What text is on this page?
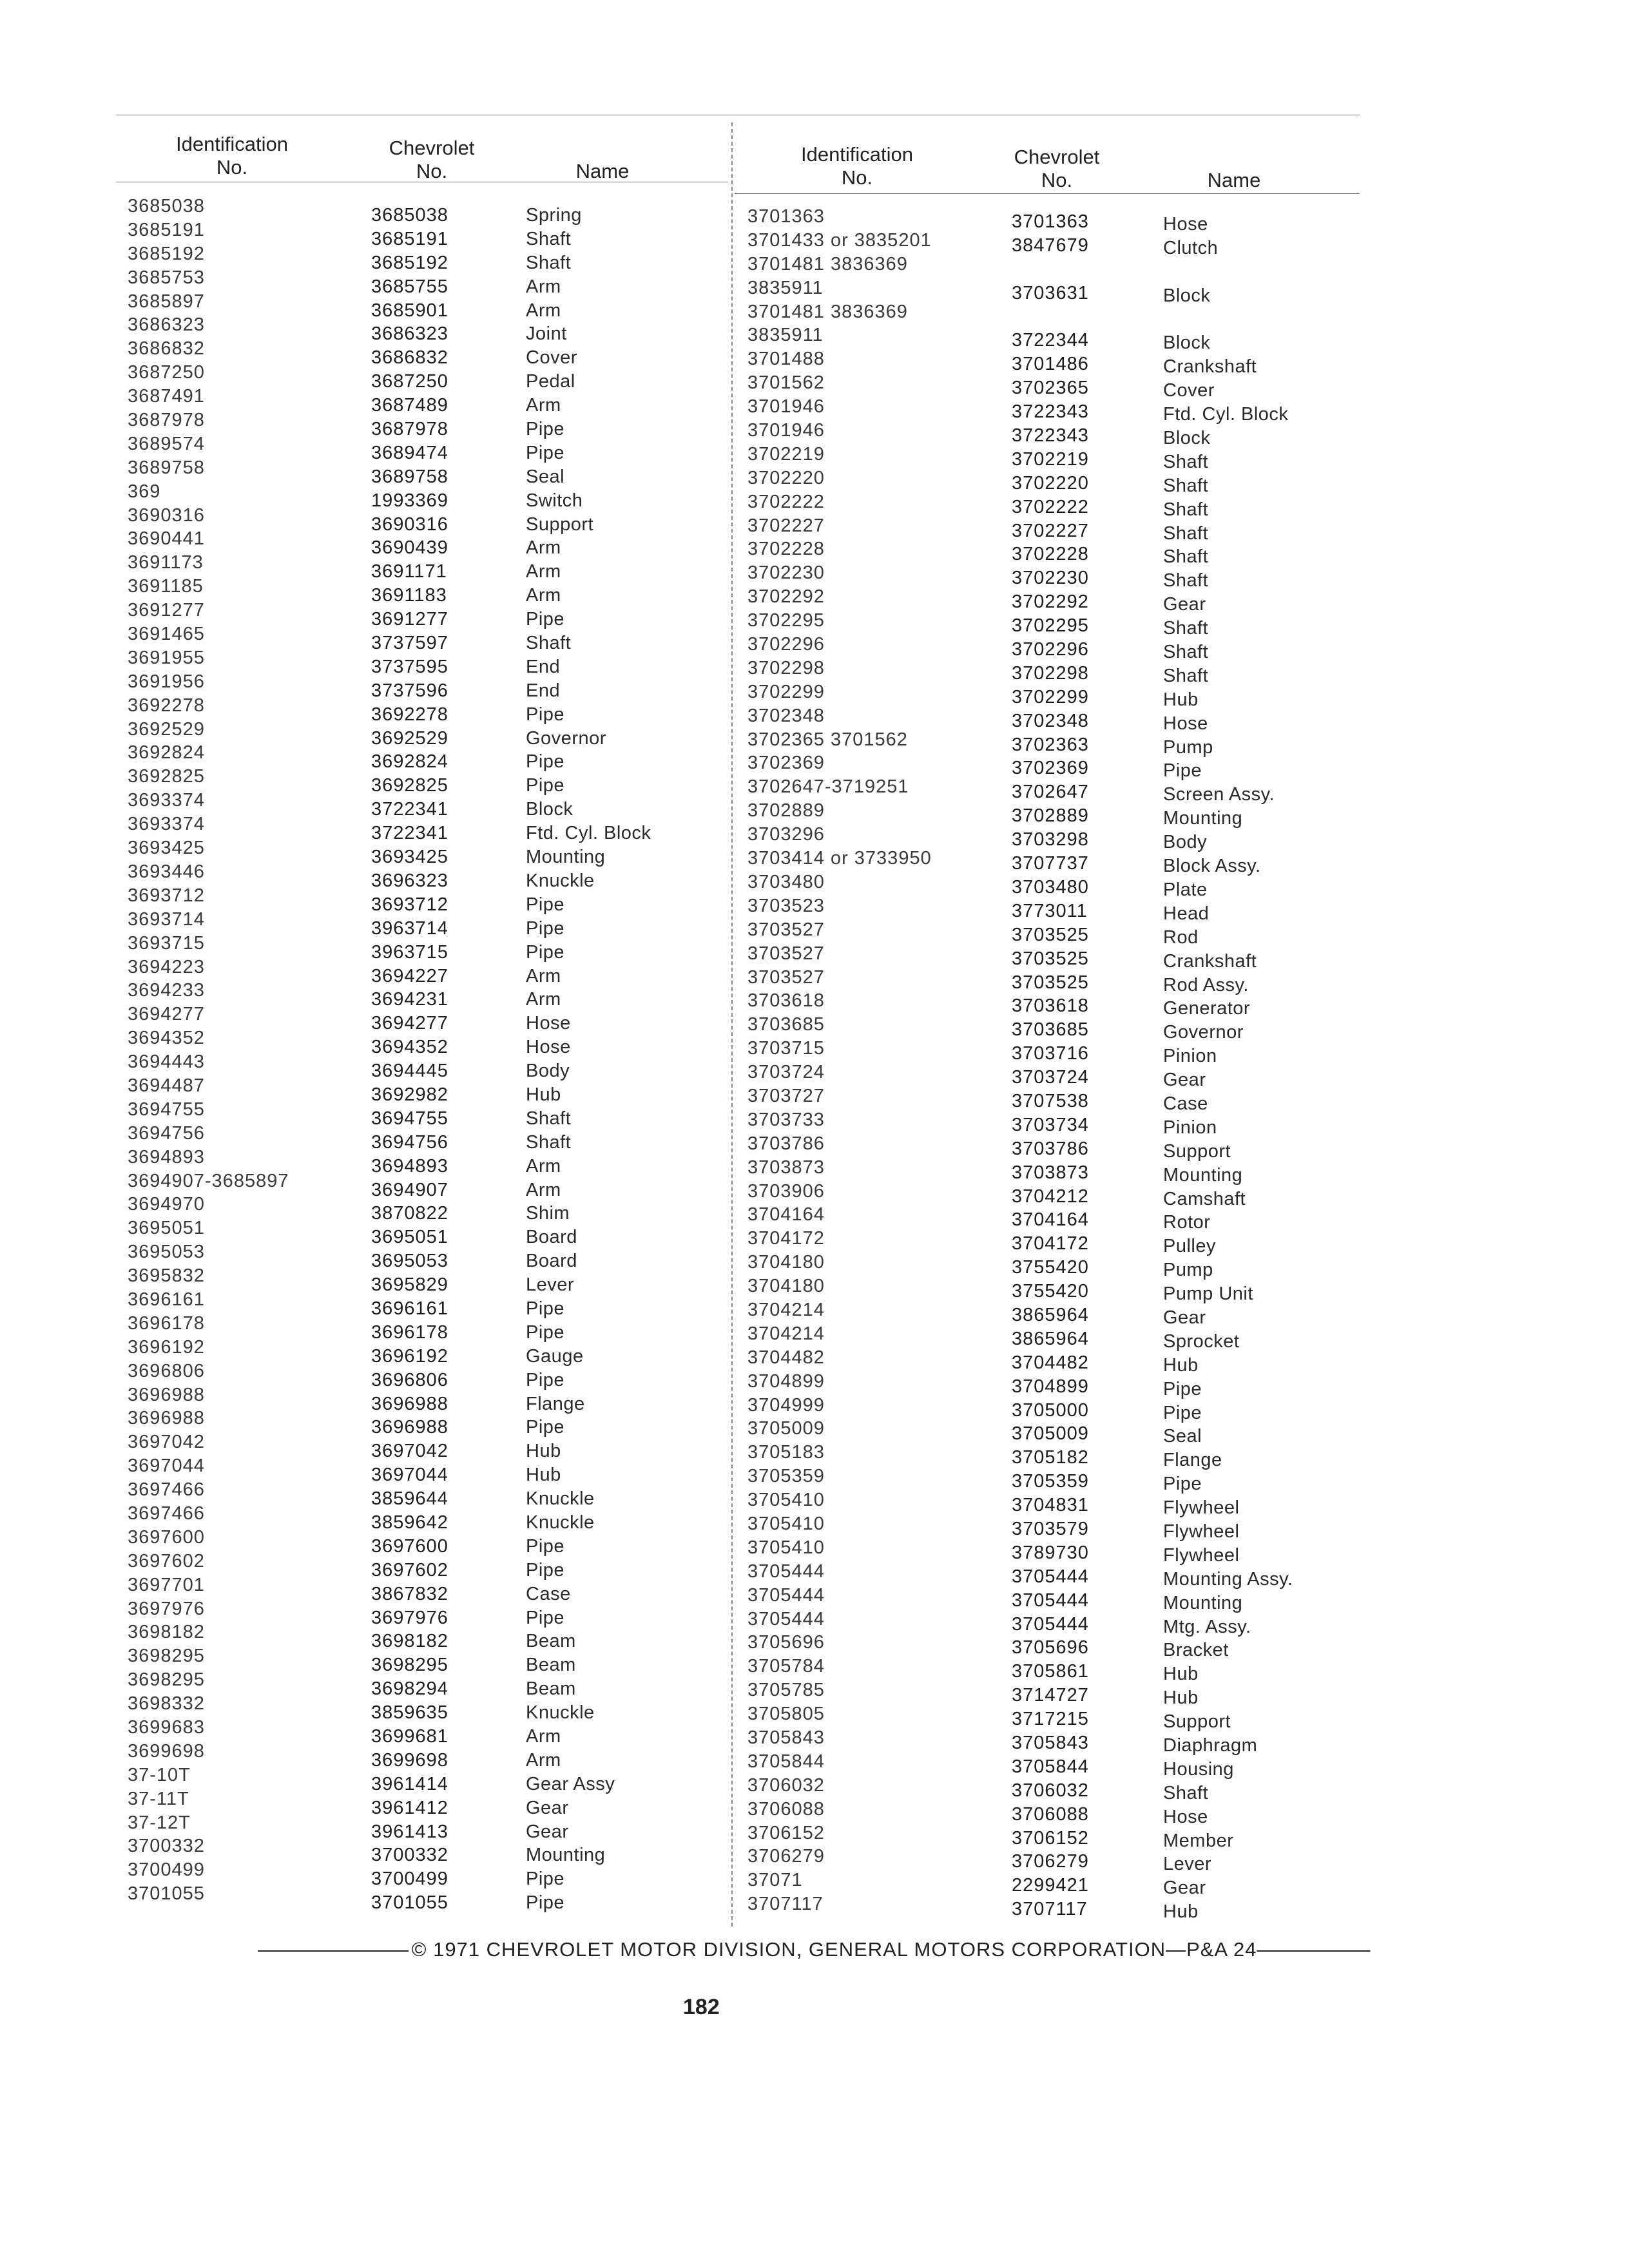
Identification
No.
Chevrolet
No.	Name
Identification
No.
Chevrolet
No.	Name
3685038
3685191
3685192
3685753
3685897
3686323
3686832
3687250
3687491
3687978
3689574
3689758
369
3690316
3690441
3691173
3691185
3691277
3691465
3691955
3691956
3692278
3692529
3692824
3692825
3693374
3693374
3693425
3693446
3693712
3693714
3693715
3694223
3694233
3694277
3694352
3694443
3694487
3694755
3694756
3694893
3694907-3685897
3694970
3695051
3695053
3695832
3696161
3696178
3696192
3696806
3696988
3696988
3697042
3697044
3697466
3697466
3697600
3697602
3697701
3697976
3698182
3698295
3698295
3698332
3699683
3699698
37-10T
37-11T
37-12T
3700332
3700499
3701055
3685038
3685191
3685192
3685755
3685901
3686323
3686832
3687250
3687489
3687978
3689474
3689758
1993369
3690316
3690439
3691171
3691183
3691277
3737597
3737595
3737596
3692278
3692529
3692824
3692825
3722341
3722341
3693425
3696323
3693712
3963714
3963715
3694227
3694231
3694277
3694352
3694445
3692982
3694755
3694756
3694893
3694907
3870822
3695051
3695053
3695829
3696161
3696178
3696192
3696806
3696988
3696988
3697042
3697044
3859644
3859642
3697600
3697602
3867832
3697976
3698182
3698295
3698294
3859635
3699681
3699698
3961414
3961412
3961413
3700332
3700499
3701055
Spring
Shaft
Shaft
Arm
Arm
Joint
Cover
Pedal
Arm
Pipe
Pipe
Seal
Switch
Support
Arm
Arm
Arm
Pipe
Shaft
End
End
Pipe
Governor
Pipe
Pipe
Block
Ftd. Cyl. Block
Mounting
Knuckle
Pipe
Pipe
Pipe
Arm
Arm
Hose
Hose
Body
Hub
Shaft
Shaft
Arm
Arm
Shim
Board
Board
Lever
Pipe
Pipe
Gauge
Pipe
Flange
Pipe
Hub
Hub
Knuckle
Knuckle
Pipe
Pipe
Case
Pipe
Beam
Beam
Beam
Knuckle
Arm
Arm
Gear Assy
Gear
Gear
Mounting
Pipe
Pipe
3701363
3701433 or 3835201
3701481 3836369
3835911
3701481 3836369
3835911
3701488
3701562
3701946
3701946
3702219
3702220
3702222
3702227
3702228
3702230
3702292
3702295
3702296
3702298
3702299
3702348
3702365 3701562
3702369
3702647-3719251
3702889
3703296
3703414 or 3733950
3703480
3703523
3703527
3703527
3703527
3703618
3703685
3703715
3703724
3703727
3703733
3703786
3703873
3703906
3704164
3704172
3704180
3704180
3704214
3704214
3704482
3704899
3704999
3705009
3705183
3705359
3705410
3705410
3705410
3705444
3705444
3705444
3705696
3705784
3705785
3705805
3705843
3705844
3706032
3706088
3706152
3706279
37071
3707117
3701363
3847679
3703631
3722344
3701486
3702365
3722343
3722343
3702219
3702220
3702222
3702227
3702228
3702230
3702292
3702295
3702296
3702298
3702299
3702348
3702363
3702369
3702647
3702889
3703298
3707737
3703480
3773011
3703525
3703525
3703525
3703618
3703685
3703716
3703724
3707538
3703734
3703786
3703873
3704212
3704164
3704172
3755420
3755420
3865964
3865964
3704482
3704899
3705000
3705009
3705182
3705359
3704831
3703579
3789730
3705444
3705444
3705444
3705696
3705861
3714727
3717215
3705843
3705844
3706032
3706088
3706152
3706279
2299421
3707117
Hose
Clutch
Block
Block
Crankshaft
Cover
Ftd. Cyl. Block
Block
Shaft
Shaft
Shaft
Shaft
Shaft
Shaft
Gear
Shaft
Shaft
Shaft
Hub
Hose
Pump
Pipe
Screen Assy.
Mounting
Body
Block Assy.
Plate
Head
Rod
Crankshaft
Rod Assy.
Generator
Governor
Pinion
Gear
Case
Pinion
Support
Mounting
Camshaft
Rotor
Pulley
Pump
Pump Unit
Gear
Sprocket
Hub
Pipe
Pipe
Seal
Flange
Pipe
Flywheel
Flywheel
Flywheel
Mounting Assy.
Mounting
Mtg. Assy.
Bracket
Hub
Hub
Support
Diaphragm
Housing
Shaft
Hose
Member
Lever
Gear
Hub
———————— © 1971 CHEVROLET MOTOR DIVISION, GENERAL MOTORS CORPORATION—P&A 24——————
182
